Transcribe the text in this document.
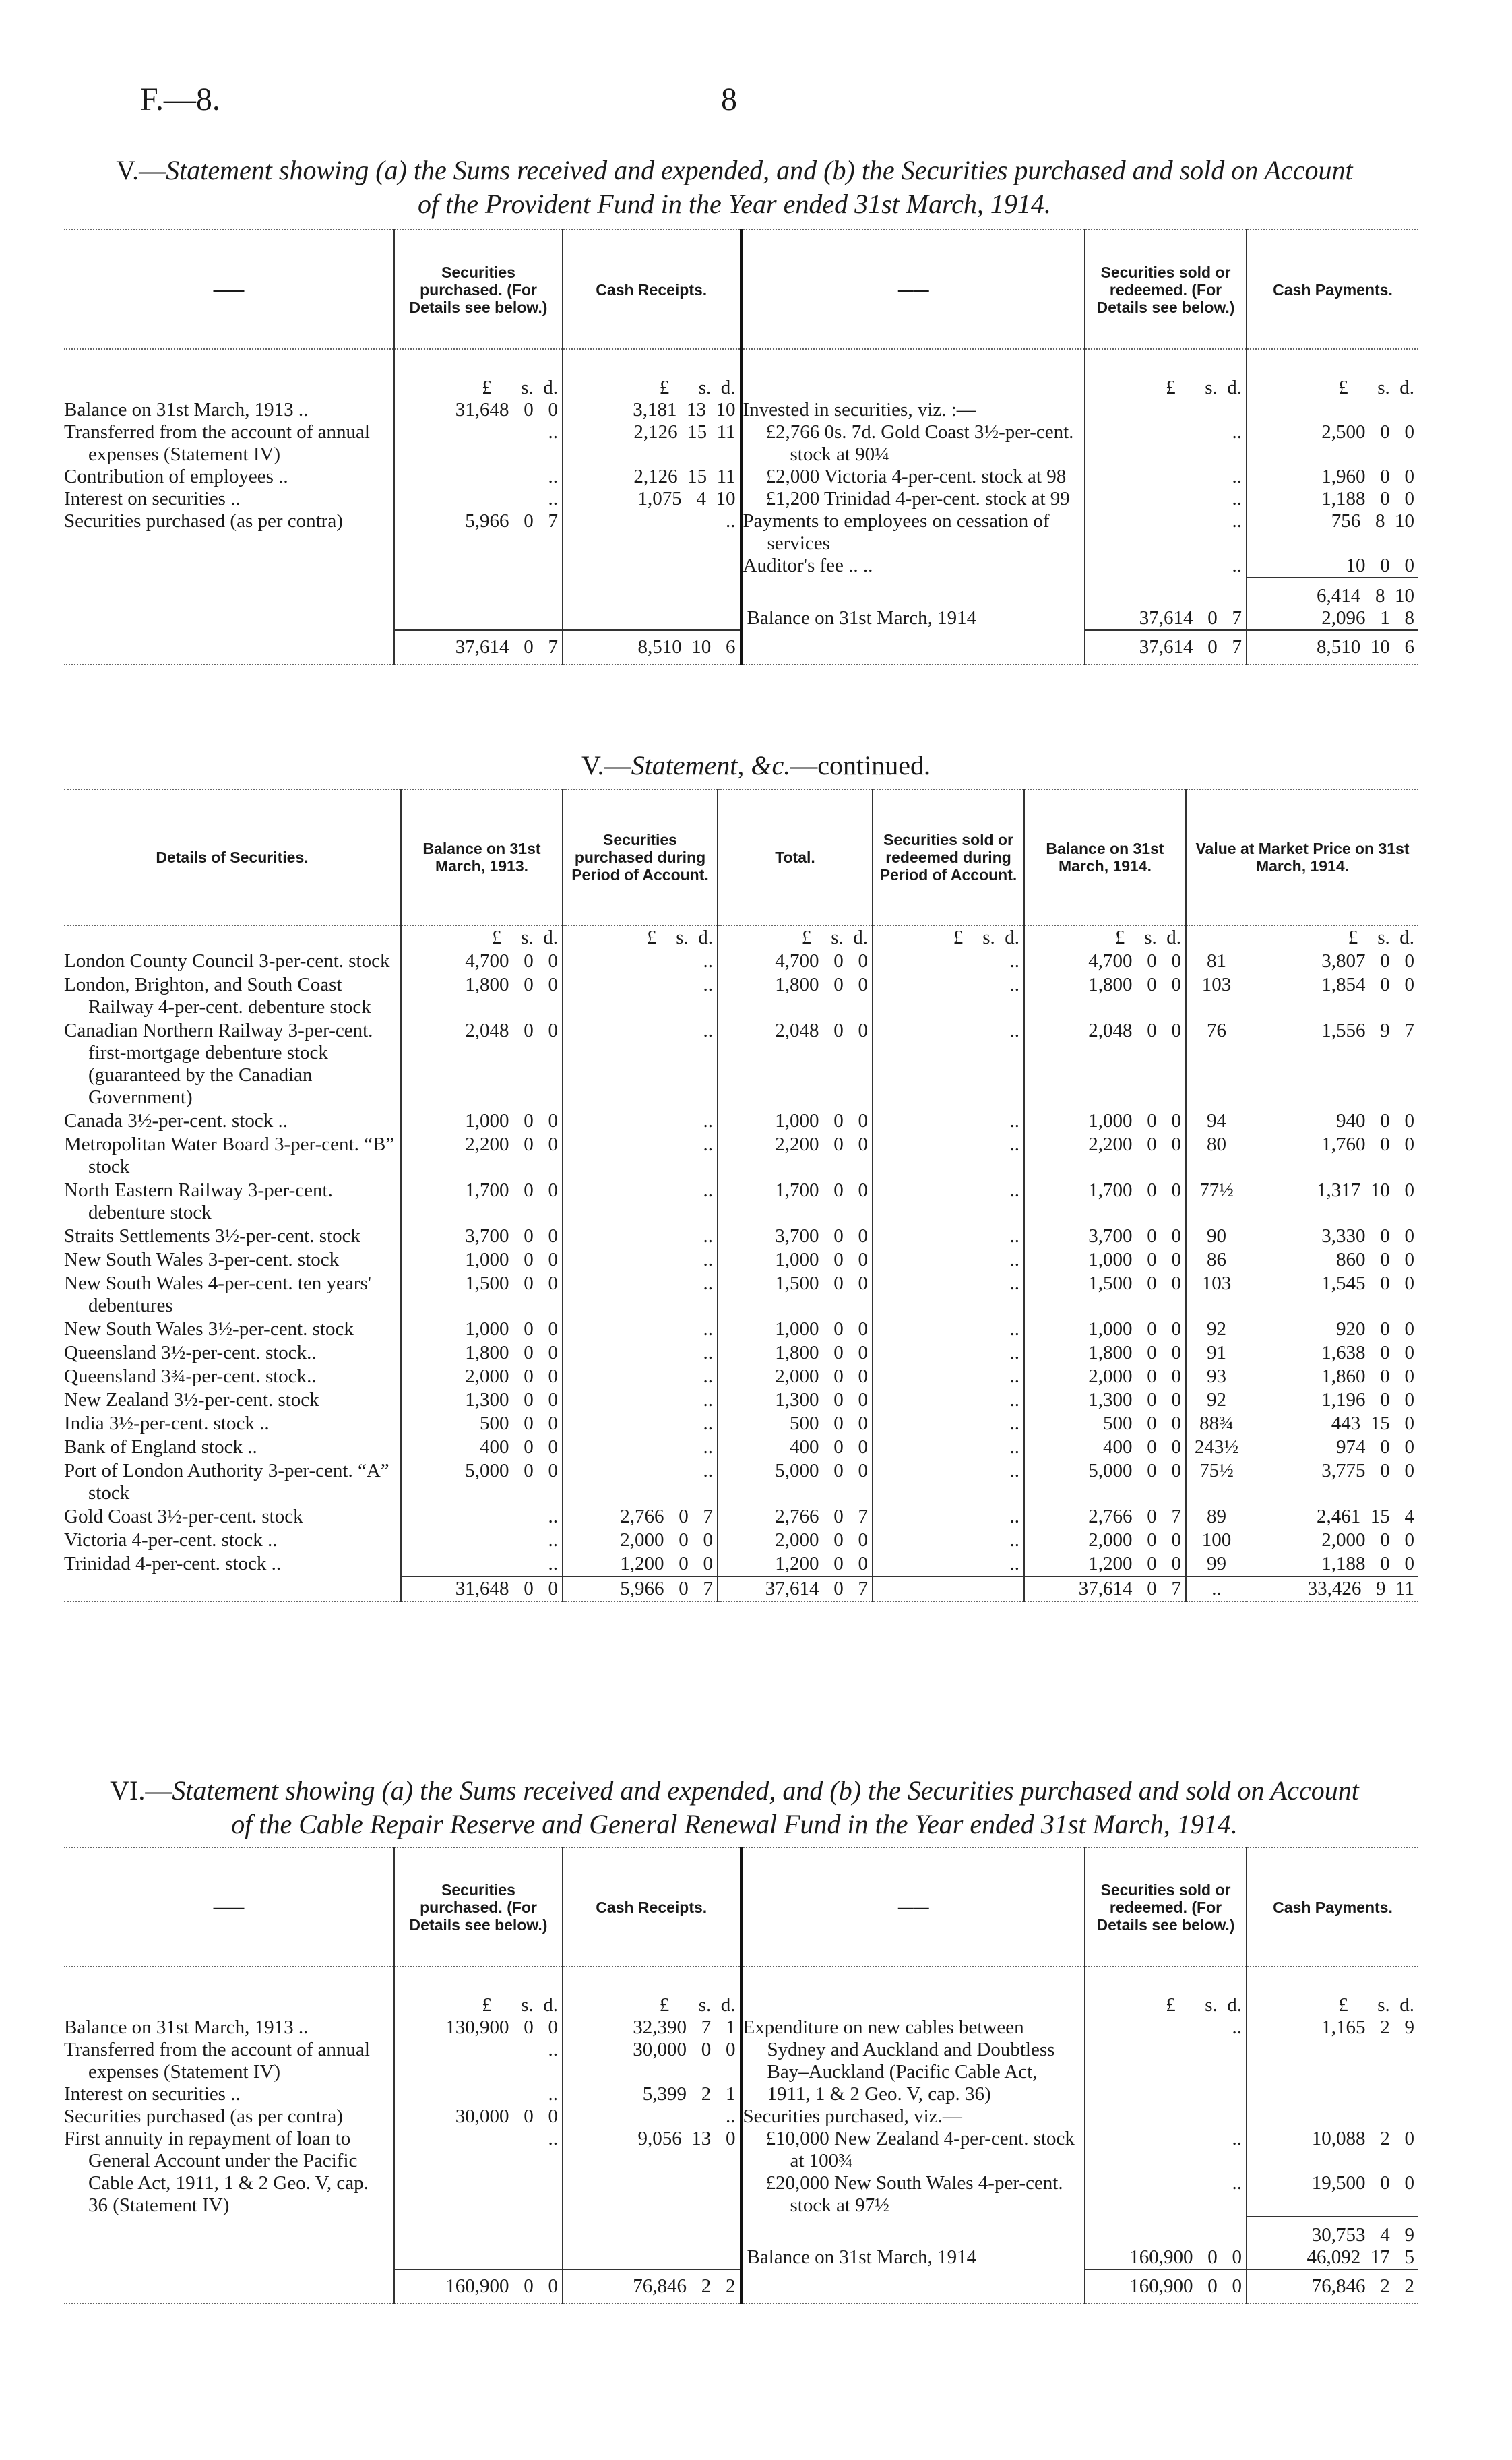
F.—8.	8
V.—Statement showing (a) the Sums received and expended, and (b) the Securities purchased and sold on Account
of the Provident Fund in the Year ended 31st March, 1914.
——	Securities purchased. (For Details see below.)	Cash Receipts.	——	Securities sold or redeemed. (For Details see below.)	Cash Payments.
	£      s.  d.	£      s.  d.		£      s.  d.	£      s.  d.
Balance on 31st March, 1913 ..	31,648   0   0	3,181  13  10	Invested in securities, viz. :—		
Transferred from the account of annual expenses (Statement IV)	..	2,126  15  11	£2,766 0s. 7d. Gold Coast 3½-per-cent. stock at 90¼	..	2,500   0   0
Contribution of employees ..	..	2,126  15  11	£2,000 Victoria 4-per-cent. stock at 98	..	1,960   0   0
Interest on securities ..	..	1,075   4  10	£1,200 Trinidad 4-per-cent. stock at 99	..	1,188   0   0
Securities purchased (as per contra)	5,966   0   7	..	Payments to employees on cessation of services	..	756   8  10
			Auditor's fee .. ..	..	10   0   0
					6,414   8  10
			Balance on 31st March, 1914	37,614   0   7	2,096   1   8
	37,614   0   7	8,510  10   6		37,614   0   7	8,510  10   6
V.—Statement, &c.—continued.
Details of Securities.	Balance on 31st March, 1913.	Securities purchased during Period of Account.	Total.	Securities sold or redeemed during Period of Account.	Balance on 31st March, 1914.	Value at Market Price on 31st March, 1914.	
	£    s.  d.	£    s.  d.	£    s.  d.	£    s.  d.	£    s.  d.		£    s.  d.
London County Council 3-per-cent. stock	4,700   0   0	..	4,700   0   0	..	4,700   0   0	81	3,807   0   0
London, Brighton, and South Coast Railway 4-per-cent. debenture stock	1,800   0   0	..	1,800   0   0	..	1,800   0   0	103	1,854   0   0
Canadian Northern Railway 3-per-cent. first-mortgage debenture stock (guaranteed by the Canadian Government)	2,048   0   0	..	2,048   0   0	..	2,048   0   0	76	1,556   9   7
Canada 3½-per-cent. stock ..	1,000   0   0	..	1,000   0   0	..	1,000   0   0	94	940   0   0
Metropolitan Water Board 3-per-cent. “B” stock	2,200   0   0	..	2,200   0   0	..	2,200   0   0	80	1,760   0   0
North Eastern Railway 3-per-cent. debenture stock	1,700   0   0	..	1,700   0   0	..	1,700   0   0	77½	1,317  10   0
Straits Settlements 3½-per-cent. stock	3,700   0   0	..	3,700   0   0	..	3,700   0   0	90	3,330   0   0
New South Wales 3-per-cent. stock	1,000   0   0	..	1,000   0   0	..	1,000   0   0	86	860   0   0
New South Wales 4-per-cent. ten years' debentures	1,500   0   0	..	1,500   0   0	..	1,500   0   0	103	1,545   0   0
New South Wales 3½-per-cent. stock	1,000   0   0	..	1,000   0   0	..	1,000   0   0	92	920   0   0
Queensland 3½-per-cent. stock..	1,800   0   0	..	1,800   0   0	..	1,800   0   0	91	1,638   0   0
Queensland 3¾-per-cent. stock..	2,000   0   0	..	2,000   0   0	..	2,000   0   0	93	1,860   0   0
New Zealand 3½-per-cent. stock	1,300   0   0	..	1,300   0   0	..	1,300   0   0	92	1,196   0   0
India 3½-per-cent. stock ..	500   0   0	..	500   0   0	..	500   0   0	88¾	443  15   0
Bank of England stock ..	400   0   0	..	400   0   0	..	400   0   0	243½	974   0   0
Port of London Authority 3-per-cent. “A” stock	5,000   0   0	..	5,000   0   0	..	5,000   0   0	75½	3,775   0   0
Gold Coast 3½-per-cent. stock	..	2,766   0   7	2,766   0   7	..	2,766   0   7	89	2,461  15   4
Victoria 4-per-cent. stock ..	..	2,000   0   0	2,000   0   0	..	2,000   0   0	100	2,000   0   0
Trinidad 4-per-cent. stock ..	..	1,200   0   0	1,200   0   0	..	1,200   0   0	99	1,188   0   0
	31,648   0   0	5,966   0   7	37,614   0   7		37,614   0   7	..	33,426   9  11
VI.—Statement showing (a) the Sums received and expended, and (b) the Securities purchased and sold on Account
of the Cable Repair Reserve and General Renewal Fund in the Year ended 31st March, 1914.
——	Securities purchased. (For Details see below.)	Cash Receipts.	——	Securities sold or redeemed. (For Details see below.)	Cash Payments.
	£      s.  d.	£      s.  d.		£      s.  d.	£      s.  d.
Balance on 31st March, 1913 ..	130,900   0   0	32,390   7   1	Expenditure on new cables between Sydney and Auckland and Doubtless Bay–Auckland (Pacific Cable Act, 1911, 1 & 2 Geo. V, cap. 36)	..	1,165   2   9
Transferred from the account of annual expenses (Statement IV)	..	30,000   0   0			
Interest on securities ..	..	5,399   2   1			
Securities purchased (as per contra)	30,000   0   0	..	Securities purchased, viz.—		
First annuity in repayment of loan to General Account under the Pacific Cable Act, 1911, 1 & 2 Geo. V, cap. 36 (Statement IV)	..	9,056  13   0	£10,000 New Zealand 4-per-cent. stock at 100¾	..	10,088   2   0
			£20,000 New South Wales 4-per-cent. stock at 97½	..	19,500   0   0
					30,753   4   9
			Balance on 31st March, 1914	160,900   0   0	46,092  17   5
	160,900   0   0	76,846   2   2		160,900   0   0	76,846   2   2
